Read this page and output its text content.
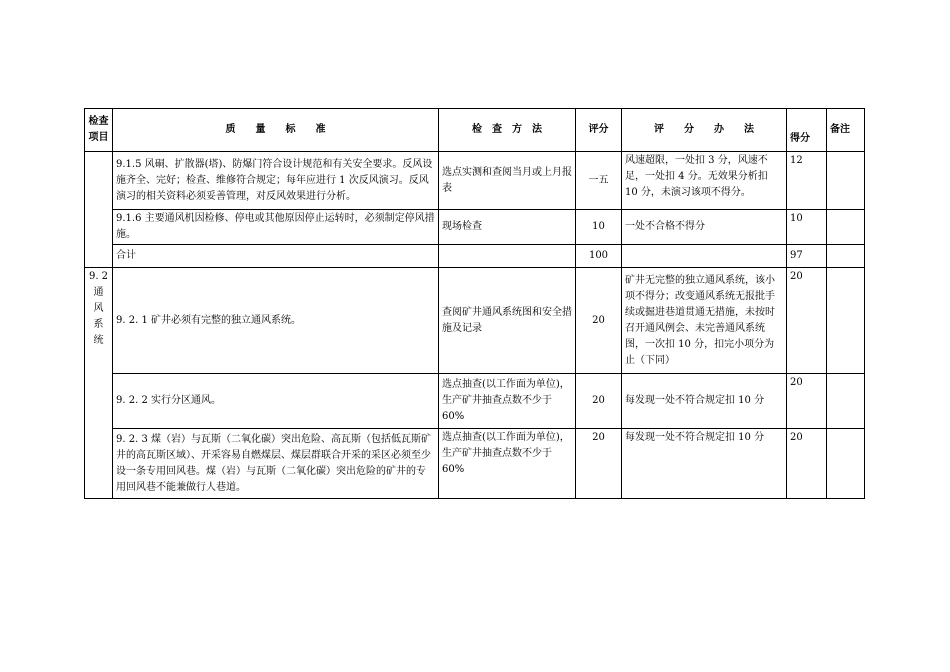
检查项目	质　　量　　标　　准	检　查　方　法	评分	评　　分　　办　　法	得分	备注
	9.1.5 风硐、扩散器(塔)、防爆门符合设计规范和有关安全要求。反风设施齐全、完好；检查、维修符合规定；每年应进行 1 次反风演习。反风演习的相关资料必须妥善管理，对反风效果进行分析。	选点实测和查阅当月或上月报表	一五	风速超限，一处扣 3 分，风速不足，一处扣 4 分。无效果分析扣 10 分，未演习该项不得分。	12	
	9.1.6 主要通风机因检修、停电或其他原因停止运转时，必须制定停风措施。	现场检查	10	一处不合格不得分	10	
	合计		100		97	

9. 2
通
风
系
统	9. 2. 1 矿井必须有完整的独立通风系统。	查阅矿井通风系统图和安全措施及记录	20	矿井无完整的独立通风系统，该小项不得分；改变通风系统无报批手续或掘进巷道贯通无措施，未按时召开通风例会、未完善通风系统图，一次扣 10 分，扣完小项分为止（下同）	20	
	9. 2. 2 实行分区通风。	选点抽查(以工作面为单位)，生产矿井抽查点数不少于 60%	20	每发现一处不符合规定扣 10 分	20	
	9. 2. 3 煤（岩）与瓦斯（二氧化碳）突出危险、高瓦斯（包括低瓦斯矿井的高瓦斯区域）、开采容易自燃煤层、煤层群联合开采的采区必须至少设一条专用回风巷。煤（岩）与瓦斯（二氧化碳）突出危险的矿井的专用回风巷不能兼做行人巷道。	选点抽查(以工作面为单位)，生产矿井抽查点数不少于 60%	20	每发现一处不符合规定扣 10 分	20	
